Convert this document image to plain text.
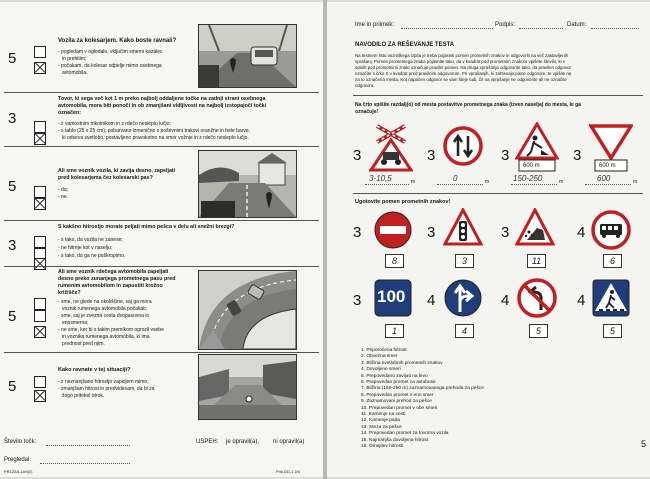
5

Vozila za kolesarjem. Kako boste ravnali?

- pogledam v ogledalo, vključim smerni kazalec

in prehitim;

- počakam, da kolesar odpelje mimo osebnega

avtomobila.

3

Tovor, ki sega več kot 1 m preko najbolj oddaljene točke na zadnji strani osebnega

avtomobila, mora biti ponoči in ob zmanjšani vidljivosti na najbolj izstopajoči točki

označen:

- z vamostnim trikotnikom in z rdečo nesleplo lučjo;

- s tablo (25 x 25 cm), pobarvano izmenično s poševnimi trakovi oranžne in bele barve,

ki odseva svetlobo, postavljeno pravokotno na smer vožnje in z rdečo nesleplo lučjo.

5

Ali sme voznik vozila, ki zavija desno, zapeljati

pred kolesarjema čez kolesarski pas?

- da;

- ne.

3

S kakšno hitrostjo morate peljati mimo pešca v delu ali snežni brezgi?

- s tako, da vozila ne zanese;

- ne hitreje kot v naselju;

- s tako, da ga ne poškropimo.

5

Ali sme voznik rdečega avtomobila zapeljati

desno preko zunanjega prometnega pasu pred

rumenim avtomobilom in zapustiti krožno

križišče?

- sme, ne glede na okoliščine, saj ga mora

voznik rumenega avtomobila počakati;

- sme, saj je zvezna cesta dvopasovna in

enosmerna;

- ne sme, ker bi s takim premikom ogrozil vsebe

in voznika rumenega avtomobila, ki ima

prednost pred njim.

5

Kako ravnate v tej situaciji?

- z neznanjšano hitrostjo zapeljem mimo;

- zmanjšam hitrost in predvidevam, da bi za

žogo pritekel otrok.

Število točk:

Pregledal:

USPEH: je opravil(a), ni opravil(a)

PR1Z5A-1A9(2)	Prik.DD-1 2/4

Ime in priimek:	Podpis:	Datum:

NAVODILO ZA REŠEVANJE TESTA

Na testnem listu vozniškega izpita je treba pojasniti pomen prometnih znakov in odgovoriti na več zastavljenih

vprašanj. Pomen prometnega znaka pojasnite tako, da v kvadrat pod prometnim znakom vpišete število, ki v

opisih pod prometnimi znaki označuje pravilni pomen. Na druga vprašanja odgovorite tako, da pravilen odgovor

označite s črko X v kvadrat pred pravilnim odgovorom. Pri vprašanjih, ki zahtevajo pisne odgovore, te vpišite na

za to označena mesta. Kot napačen odgovor se vam šteje tudi, če na vprašanje ne odgovorite ali ne označite

odgovora.

Na črto vpišite razdalj(o) od mesta postavitve prometnega znaka (izven naselja) do mesta, ki ga

označuje!

3
3-10,5	m

3
0	m

3

600 m

150-250	m

3

600 m

600	m

Ugotovite pomen prometnih znakov!

3
8
3
3
3
11
4
6
3 100

1
4
4
4
5
4
5

1. Priporočena hitrost

2. Obvezna smer

3. Bližina svetlobnih prometnih znakov

4. Dovoljene smeri

5. Prepovedano zavijati na levo

6. Prepovedan promet za avtobuse

7. Bližina (150-250 m) zaznamovanega prehoda za pešce

8. Prepovedan promet v eno smer

9. Zaznamovani prehod za pešce

10. Prepovedan promet v obe smeri

11. Kamenje na cesti

12. Kamenje pada

13. Steza za pešce

14. Prepovedan promet za tovorna vozila

15. Najmanjša dovoljena hitrost

16. Omejitev hitrosti	5
